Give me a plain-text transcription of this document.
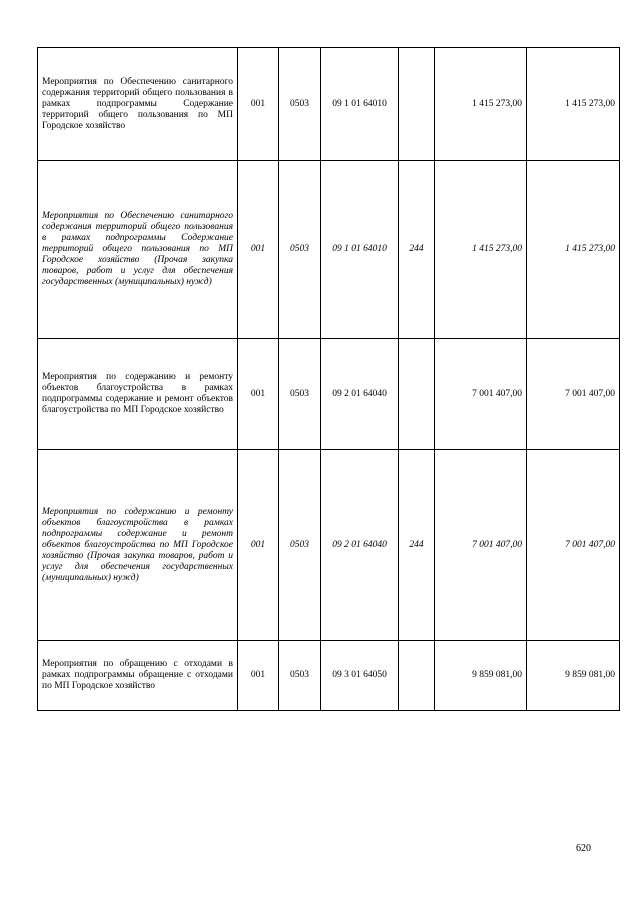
Мероприятия по Обеспечению санитарного содержания территорий общего пользования в рамках подпрограммы Содержание территорий общего пользования по МП Городское хозяйство	001	0503	09 1 01 64010		1 415 273,00	1 415 273,00
Мероприятия по Обеспечению санитарного содержания территорий общего пользования в рамках подпрограммы Содержание территорий общего пользования по МП Городское хозяйство (Прочая закупка товаров, работ и услуг для обеспечения государственных (муниципальных) нужд)	001	0503	09 1 01 64010	244	1 415 273,00	1 415 273,00
Мероприятия по содержанию и ремонту объектов благоустройства в рамках подпрограммы содержание и ремонт объектов благоустройства по МП Городское хозяйство	001	0503	09 2 01 64040		7 001 407,00	7 001 407,00
Мероприятия по содержанию и ремонту объектов благоустройства в рамках подпрограммы содержание и ремонт объектов благоустройства по МП Городское хозяйство (Прочая закупка товаров, работ и услуг для обеспечения государственных (муниципальных) нужд)	001	0503	09 2 01 64040	244	7 001 407,00	7 001 407,00
Мероприятия по обращению с отходами в рамках подпрограммы обращение с отходами по МП Городское хозяйство	001	0503	09 3 01 64050		9 859 081,00	9 859 081,00
620
